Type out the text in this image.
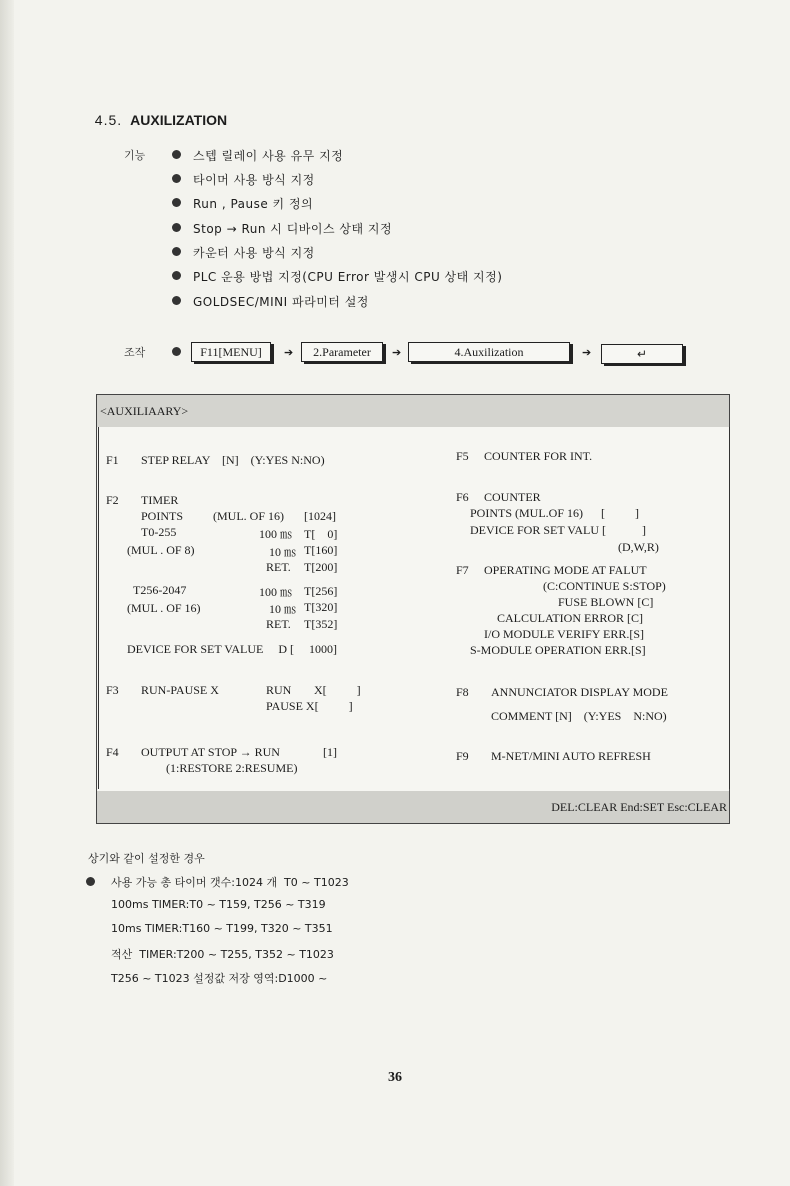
4.5. AUXILIZATION

기능	스텝 릴레이 사용 유무 지정
타이머 사용 방식 지정
Run , Pause 키 정의
Stop → Run 시 디바이스 상태 지정
카운터 사용 방식 지정
PLC 운용 방법 지정(CPU Error 발생시 CPU 상태 지정)
GOLDSEC/MINI 파라미터 설정
조작	F11[MENU]	➔	2.Parameter	➔	4.Auxilization	➔	↵
<AUXILIAARY>
F1 STEP RELAY    [N]    (Y:YES N:NO)
F2 TIMER
POINTS (MUL. OF 16) [1024]
T0-255
(MUL . OF 8)
100 ㎳ T[    0]
10 ㎳ T[160]
RET. T[200]
T256-2047
(MUL . OF 16)
100 ㎳ T[256]
10 ㎳ T[320]
RET. T[352]
DEVICE FOR SET VALUE     D [     1000]
F3 RUN-PAUSE X	RUN X[          ]
PAUSE X[          ]
F4 OUTPUT AT STOP → RUN	[1]
(1:RESTORE 2:RESUME)
F5 COUNTER FOR INT.
F6 COUNTER
POINTS (MUL.OF 16)      [          ]
DEVICE FOR SET VALU [            ]
(D,W,R)
F7 OPERATING MODE AT FALUT
(C:CONTINUE S:STOP)
FUSE BLOWN [C]
CALCULATION ERROR [C]
I/O MODULE VERIFY ERR.[S]
S-MODULE OPERATION ERR.[S]
F8 ANNUNCIATOR DISPLAY MODE
COMMENT [N]    (Y:YES    N:NO)
F9 M-NET/MINI AUTO REFRESH
DEL:CLEAR End:SET Esc:CLEAR
상기와 같이 설정한 경우
사용 가능 총 타이머 갯수:1024 개  T0 ~ T1023
100ms TIMER:T0 ~ T159, T256 ~ T319
10ms TIMER:T160 ~ T199, T320 ~ T351
적산  TIMER:T200 ~ T255, T352 ~ T1023
T256 ~ T1023 설정값 저장 영역:D1000 ~
36
